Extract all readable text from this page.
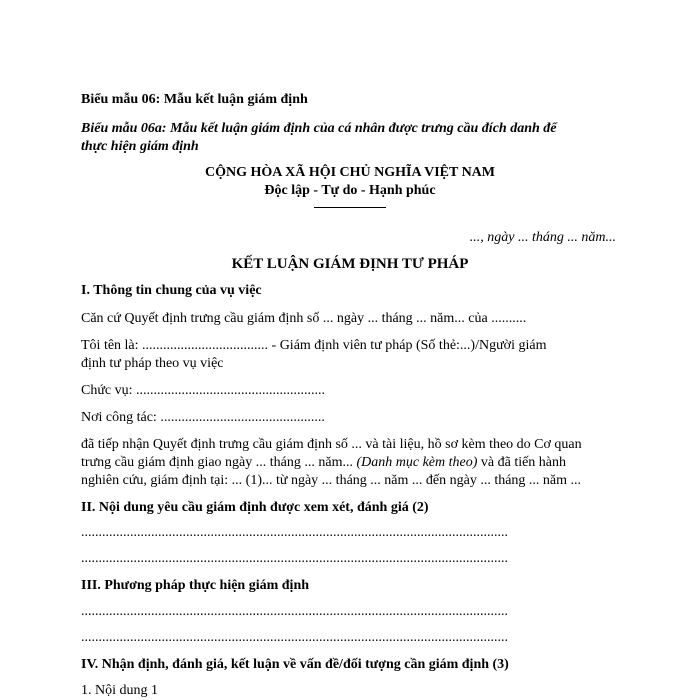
Biểu mẫu 06: Mẫu kết luận giám định
Biểu mẫu 06a: Mẫu kết luận giám định của cá nhân được trưng cầu đích danh để
thực hiện giám định
CỘNG HÒA XÃ HỘI CHỦ NGHĨA VIỆT NAM
Độc lập - Tự do - Hạnh phúc
..., ngày ... tháng ... năm...
KẾT LUẬN GIÁM ĐỊNH TƯ PHÁP
I. Thông tin chung của vụ việc
Căn cứ Quyết định trưng cầu giám định số ... ngày ... tháng ... năm... của ..........
Tôi tên là: .................................... - Giám định viên tư pháp (Số thẻ:...)/Người giám
định tư pháp theo vụ việc
Chức vụ: ......................................................
Nơi công tác: ...............................................
đã tiếp nhận Quyết định trưng cầu giám định số ... và tài liệu, hồ sơ kèm theo do Cơ quan
trưng cầu giám định giao ngày ... tháng ... năm... (Danh mục kèm theo) và đã tiến hành
nghiên cứu, giám định tại: ... (1)... từ ngày ... tháng ... năm ... đến ngày ... tháng ... năm ...
II. Nội dung yêu cầu giám định được xem xét, đánh giá (2)
..........................................................................................................................
..........................................................................................................................
III. Phương pháp thực hiện giám định
..........................................................................................................................
..........................................................................................................................
IV. Nhận định, đánh giá, kết luận về vấn đề/đối tượng cần giám định (3)
1. Nội dung 1
